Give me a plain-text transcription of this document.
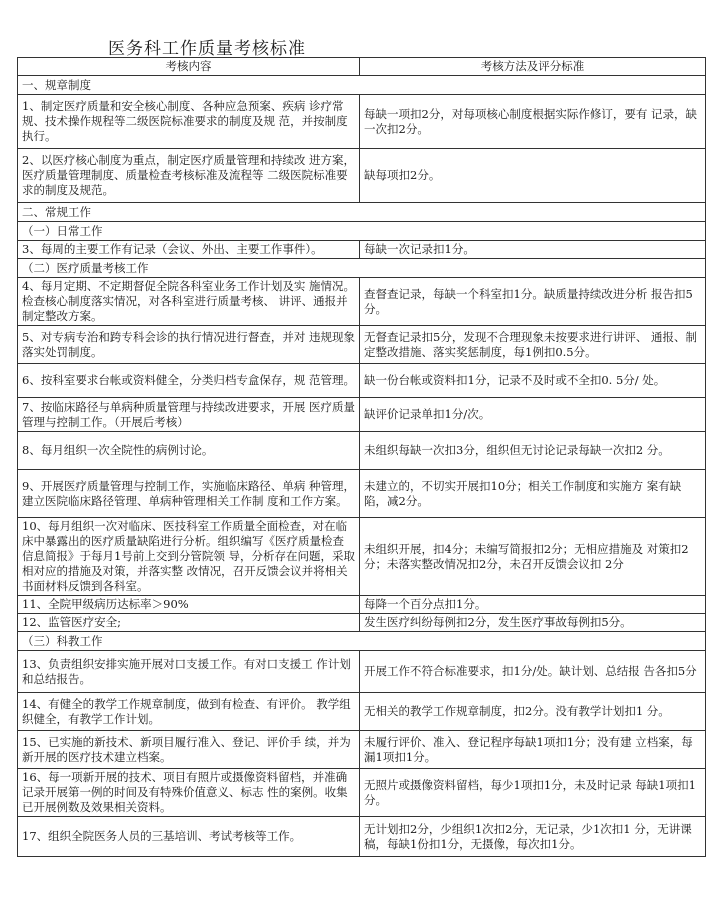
医务科工作质量考核标准
考核内容	考核方法及评分标准
一、规章制度	
1、制定医疗质量和安全核心制度、各种应急预案、疾病 诊疗常规、技术操作规程等二级医院标准要求的制度及规 范，并按制度执行。	每缺一项扣2分，对每项核心制度根据实际作修订，要有 记录，缺一次扣2分。
2、以医疗核心制度为重点，制定医疗质量管理和持续改 进方案，医疗质量管理制度、质量检查考核标准及流程等 二级医院标准要求的制度及规范。	缺每项扣2分。
二、常规工作	
（一）日常工作	
3、每周的主要工作有记录（会议、外出、主要工作事件）。	每缺一次记录扣1分。
（二）医疗质量考核工作	
4、每月定期、不定期督促全院各科室业务工作计划及实 施情况。检查核心制度落实情况，对各科室进行质量考核、 讲评、通报并制定整改方案。	查督查记录，每缺一个科室扣1分。缺质量持续改进分析 报告扣5分。
5、对专病专治和跨专科会诊的执行情况进行督查，并对 违规现象落实处罚制度。	无督查记录扣5分，发现不合理现象未按要求进行讲评、 通报、制定整改措施、落实奖惩制度，每1例扣0.5分。
6、按科室要求台帐或资料健全，分类归档专盒保存，规 范管理。	缺一份台帐或资料扣1分，记录不及时或不全扣0. 5分/ 处。
7、按临床路径与单病种质量管理与持续改进要求，开展 医疗质量管理与控制工作。（开展后考核）	缺评价记录单扣1分/次。
8、每月组织一次全院性的病例讨论。	未组织每缺一次扣3分，组织但无讨论记录每缺一次扣2 分。
9、开展医疗质量管理与控制工作，实施临床路径、单病 种管理，建立医院临床路径管理、单病种管理相关工作制 度和工作方案。	未建立的，不切实开展扣10分；相关工作制度和实施方 案有缺陷，减2分。
10、每月组织一次对临床、医技科室工作质量全面检查，对在临床中暴露出的医疗质量缺陷进行分析。组织编写《医疗质量检查信息简报》于每月1号前上交到分管院领 导，分析存在问题，采取相对应的措施及对策，并落实整 改情况，召开反馈会议并将相关书面材料反馈到各科室。	未组织开展，扣4分；未编写简报扣2分；无相应措施及 对策扣2分；未落实整改情况扣2分，未召开反馈会议扣 2分
11、全院甲级病历达标率＞90%	每降一个百分点扣1分。
12、监管医疗安全;	发生医疗纠纷每例扣2分，发生医疗事故每例扣5分。
（三）科教工作	
13、负责组织安排实施开展对口支援工作。有对口支援工 作计划和总结报告。	开展工作不符合标准要求，扣1分/处。缺计划、总结报 告各扣5分
14、有健全的教学工作规章制度，做到有检查、有评价。 教学组织健全，有教学工作计划。	无相关的教学工作规章制度，扣2分。没有教学计划扣1 分。
15、已实施的新技术、新项目履行准入、登记、评价手 续，并为新开展的医疗技术建立档案。	未履行评价、准入、登记程序每缺1项扣1分；没有建 立档案，每漏1项扣1分。
16、每一项新开展的技术、项目有照片或摄像资料留档，并准确记录开展第一例的时间及有特殊价值意义、标志 性的案例。收集已开展例数及效果相关资料。	无照片或摄像资料留档，每少1项扣1分，未及时记录 每缺1项扣1分。
17、组织全院医务人员的三基培训、考试考核等工作。	无计划扣2分，少组织1次扣2分，无记录，少1次扣1 分，无讲课稿，每缺1份扣1分，无摄像，每次扣1分。
